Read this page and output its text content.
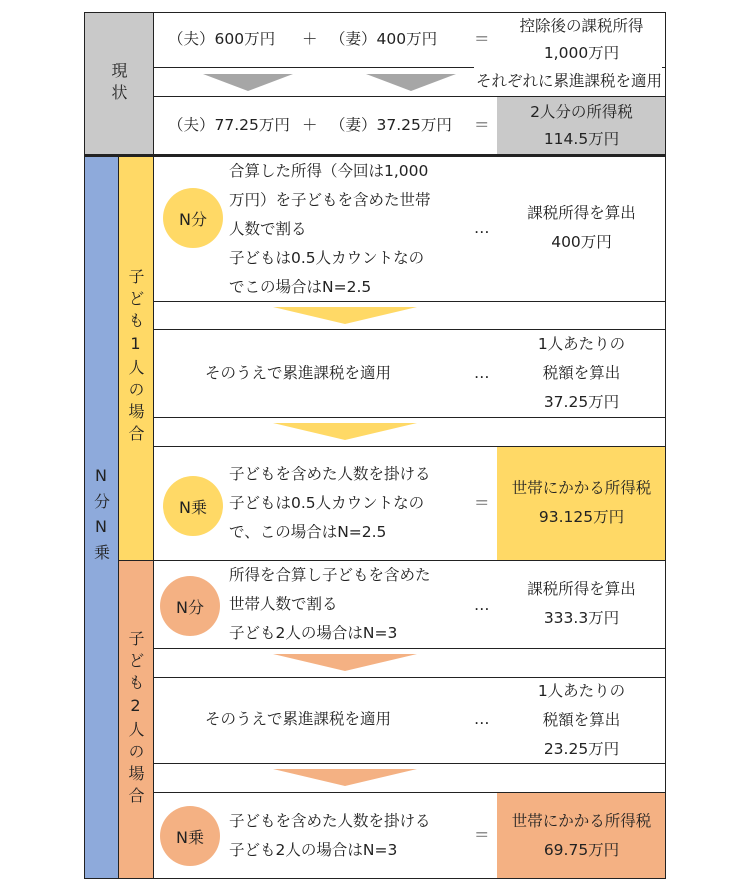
現状
（夫）600万円 ＋ （妻）400万円 ＝
控除後の課税所得
1,000万円
それぞれに累進課税を適用
（夫）77.25万円 ＋ （妻）37.25万円 ＝
2人分の所得税
114.5万円
N分N乗
子ども1人の場合
子ども2人の場合
N分
合算した所得（今回は1,000
万円）を子どもを含めた世帯
人数で割る
子どもは0.5人カウントなの
でこの場合はN=2.5
…
課税所得を算出
400万円
そのうえで累進課税を適用	…
1人あたりの
税額を算出
37.25万円
N乗
子どもを含めた人数を掛ける
子どもは0.5人カウントなの
で、この場合はN=2.5
＝
世帯にかかる所得税
93.125万円
N分
所得を合算し子どもを含めた
世帯人数で割る
子ども2人の場合はN=3
…
課税所得を算出
333.3万円
そのうえで累進課税を適用	…
1人あたりの
税額を算出
23.25万円
N乗
子どもを含めた人数を掛ける
子ども2人の場合はN=3
＝
世帯にかかる所得税
69.75万円
